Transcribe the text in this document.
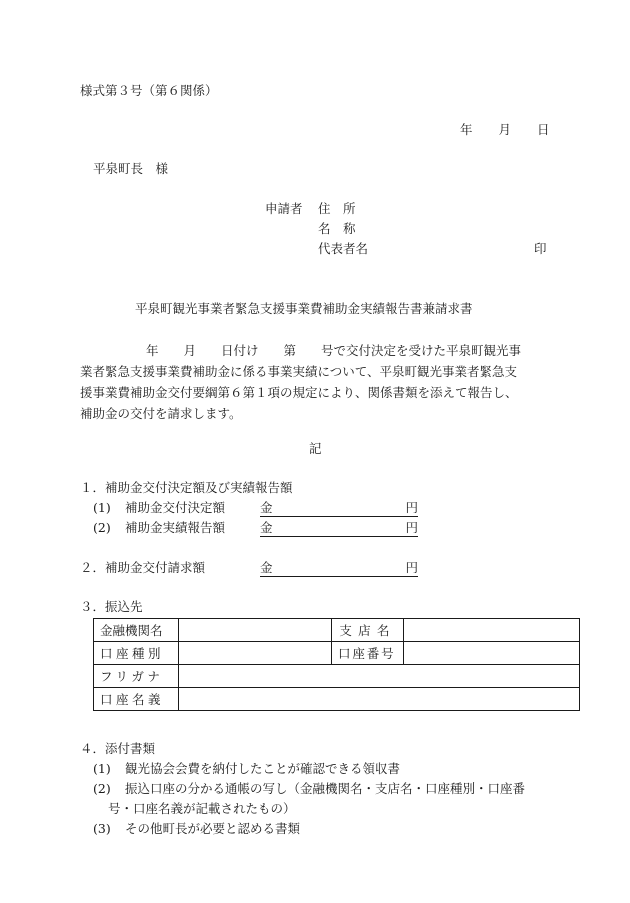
様式第３号（第６関係）
年 月 日
平泉町長　様
申請者 住　所
名　称
代表者名	印
平泉町観光事業者緊急支援事業費補助金実績報告書兼請求書

年　　月　　日付け　　第　　号で交付決定を受けた平泉町観光事

業者緊急支援事業費補助金に係る事業実績について、平泉町観光事業者緊急支

援事業費補助金交付要綱第６第１項の規定により、関係書類を添えて報告し、

補助金の交付を請求します。

記
１．補助金交付決定額及び実績報告額
(1) 補助金交付決定額	金	円
(2) 補助金実績報告額	金	円
２．補助金交付請求額	金	円
３．振込先
金融機関名		支店名	
口座種別		口座番号	
フリガナ			
口座名義			
４．添付書類
(1) 観光協会会費を納付したことが確認できる領収書
(2) 振込口座の分かる通帳の写し（金融機関名・支店名・口座種別・口座番
号・口座名義が記載されたもの）
(3) その他町長が必要と認める書類
